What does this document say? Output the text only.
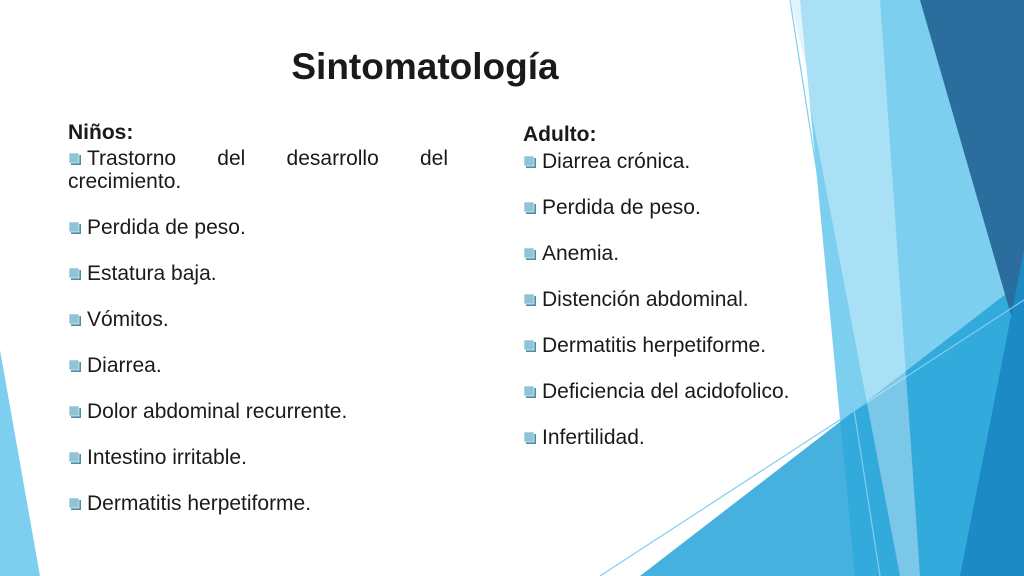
Sintomatología
Niños:
Trastorno del desarrollo del crecimiento.
Perdida de peso.
Estatura baja.
Vómitos.
Diarrea.
Dolor abdominal recurrente.
Intestino irritable.
Dermatitis herpetiforme.
Adulto:
Diarrea crónica.
Perdida de peso.
Anemia.
Distención abdominal.
Dermatitis herpetiforme.
Deficiencia del acidofolico.
Infertilidad.
